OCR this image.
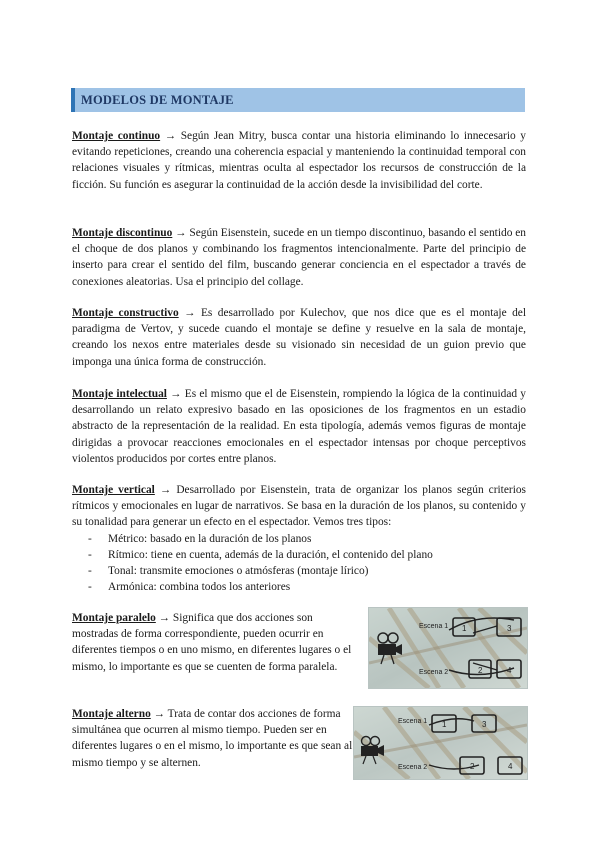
MODELOS DE MONTAJE
Montaje continuo → Según Jean Mitry, busca contar una historia eliminando lo innecesario y evitando repeticiones, creando una coherencia espacial y manteniendo la continuidad temporal con relaciones visuales y rítmicas, mientras oculta al espectador los recursos de construcción de la ficción. Su función es asegurar la continuidad de la acción desde la invisibilidad del corte.
Montaje discontinuo → Según Eisenstein, sucede en un tiempo discontinuo, basando el sentido en el choque de dos planos y combinando los fragmentos intencionalmente. Parte del principio de inserto para crear el sentido del film, buscando generar conciencia en el espectador a través de conexiones aleatorias. Usa el principio del collage.
Montaje constructivo → Es desarrollado por Kulechov, que nos dice que es el montaje del paradigma de Vertov, y sucede cuando el montaje se define y resuelve en la sala de montaje, creando los nexos entre materiales desde su visionado sin necesidad de un guion previo que imponga una única forma de construcción.
Montaje intelectual → Es el mismo que el de Eisenstein, rompiendo la lógica de la continuidad y desarrollando un relato expresivo basado en las oposiciones de los fragmentos en un estadio abstracto de la representación de la realidad. En esta tipología, además vemos figuras de montaje dirigidas a provocar reacciones emocionales en el espectador intensas por choque perceptivos violentos producidos por cortes entre planos.
Montaje vertical → Desarrollado por Eisenstein, trata de organizar los planos según criterios rítmicos y emocionales en lugar de narrativos. Se basa en la duración de los planos, su contenido y su tonalidad para generar un efecto en el espectador. Vemos tres tipos:
- Métrico: basado en la duración de los planos
- Rítmico: tiene en cuenta, además de la duración, el contenido del plano
- Tonal: transmite emociones o atmósferas (montaje lírico)
- Armónica: combina todos los anteriores
Montaje paralelo → Significa que dos acciones son mostradas de forma correspondiente, pueden ocurrir en diferentes tiempos o en uno mismo, en diferentes lugares o el mismo, lo importante es que se cuenten de forma paralela.
Montaje alterno → Trata de contar dos acciones de forma simultánea que ocurren al mismo tiempo. Pueden ser en diferentes lugares o en el mismo, lo importante es que sean al mismo tiempo y se alternen.
Escena 1
Escena 2
1
2
3
4
Escena 1
Escena 2
1
2
3
4
